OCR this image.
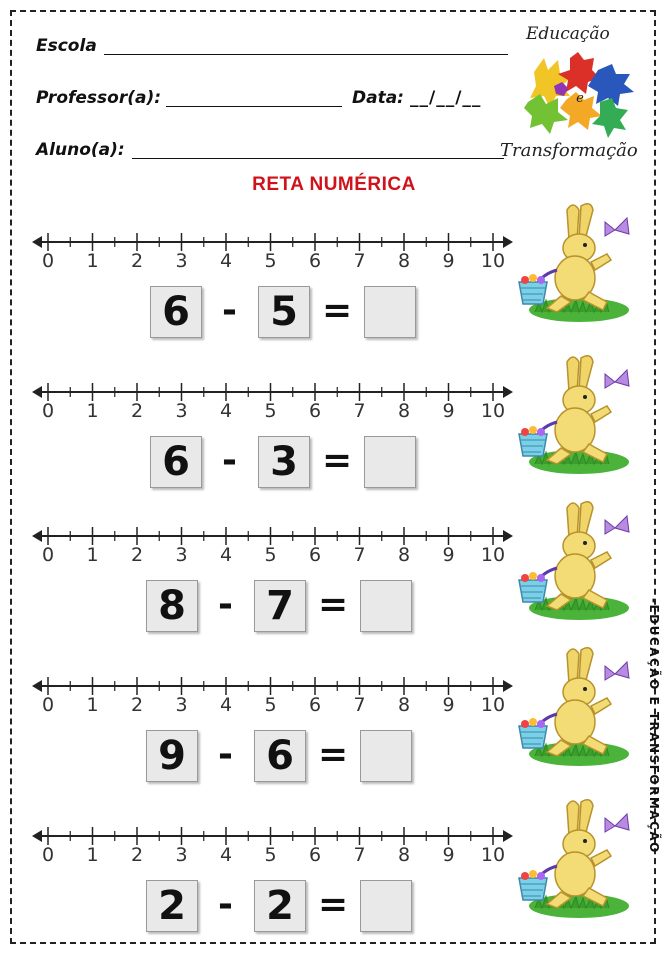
Escola
Professor(a):	Data: __/__/__
Aluno(a):
Educação
e
Transformação
RETA NUMÉRICA
0 1 2 3 4 5 6 7 8 9 10
6 - 5 =
0 1 2 3 4 5 6 7 8 9 10
6 - 3 =
0 1 2 3 4 5 6 7 8 9 10
8 - 7 =
0 1 2 3 4 5 6 7 8 9 10
9 - 6 =
0 1 2 3 4 5 6 7 8 9 10
2 - 2 =
-EDUCAÇÃO E TRANSFORMAÇÃO
